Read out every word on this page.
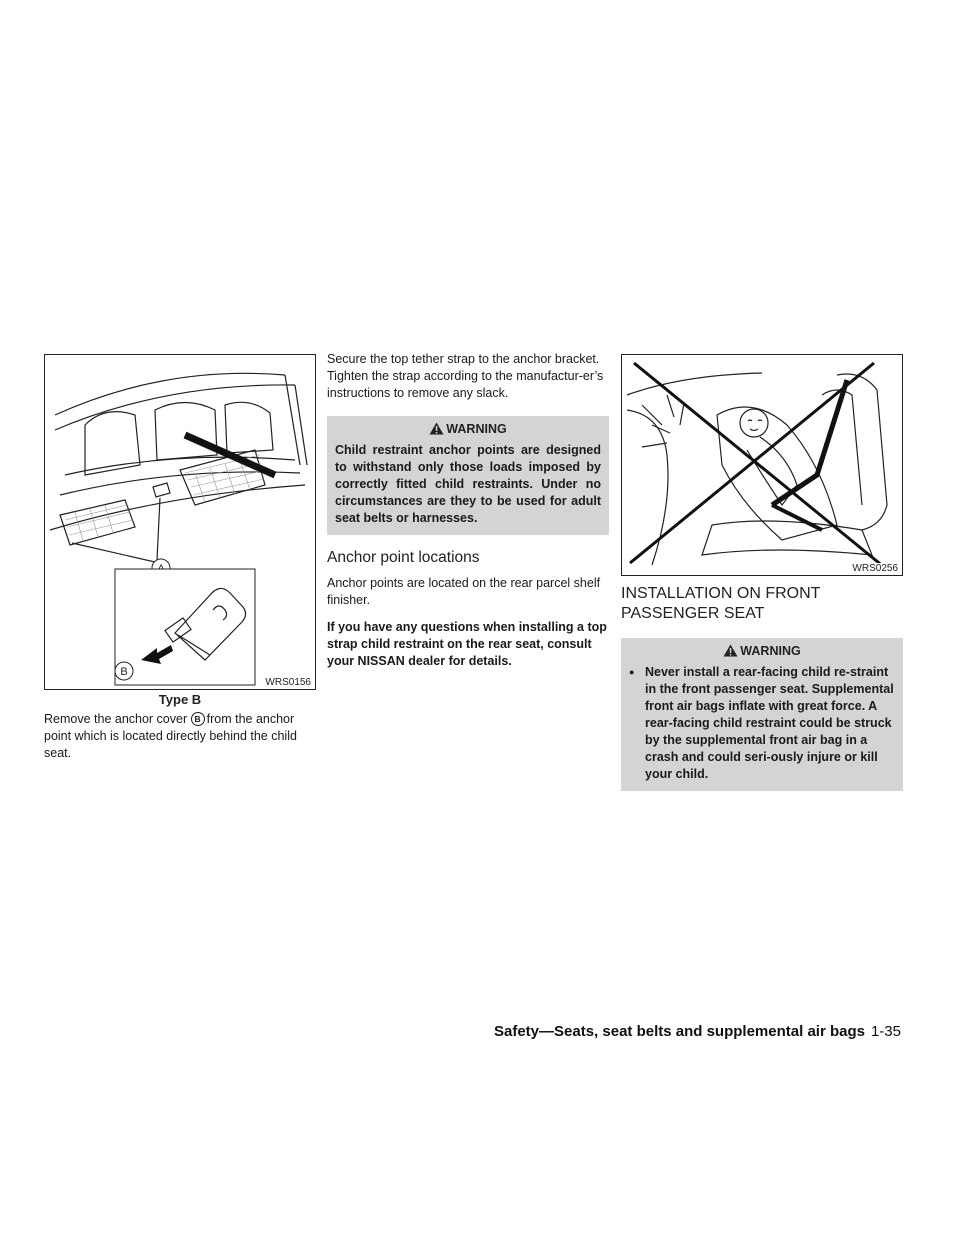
B
WRS0156
Type B

Remove the anchor cover B from the anchor point which is located directly behind the child seat.

Secure the top tether strap to the anchor bracket. Tighten the strap according to the manufactur-er’s instructions to remove any slack.

WARNING
Child restraint anchor points are designed to withstand only those loads imposed by correctly fitted child restraints. Under no circumstances are they to be used for adult seat belts or harnesses.
Anchor point locations

Anchor points are located on the rear parcel shelf finisher.

If you have any questions when installing a top strap child restraint on the rear seat, consult your NISSAN dealer for details.

WRS0256
INSTALLATION ON FRONT PASSENGER SEAT
WARNING
● Never install a rear-facing child re-straint in the front passenger seat. Supplemental front air bags inflate with great force. A rear-facing child restraint could be struck by the supplemental front air bag in a crash and could seri-ously injure or kill your child.
Safety—Seats, seat belts and supplemental air bags 1-35
